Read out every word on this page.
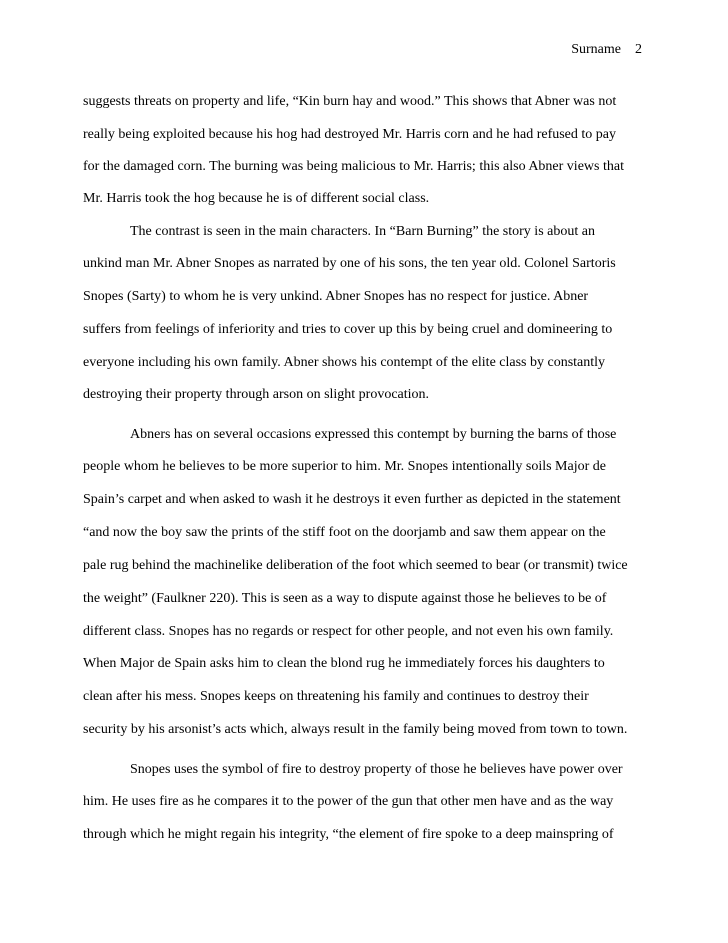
Surname 2

suggests threats on property and life, “Kin burn hay and wood.” This shows that Abner was not

really being exploited because his hog had destroyed Mr. Harris corn and he had refused to pay

for the damaged corn. The burning was being malicious to Mr. Harris; this also Abner views that

Mr. Harris took the hog because he is of different social class.

The contrast is seen in the main characters. In “Barn Burning” the story is about an

unkind man Mr. Abner Snopes as narrated by one of his sons, the ten year old. Colonel Sartoris

Snopes (Sarty) to whom he is very unkind. Abner Snopes has no respect for justice. Abner

suffers from feelings of inferiority and tries to cover up this by being cruel and domineering to

everyone including his own family. Abner shows his contempt of the elite class by constantly

destroying their property through arson on slight provocation.

Abners has on several occasions expressed this contempt by burning the barns of those

people whom he believes to be more superior to him. Mr. Snopes intentionally soils Major de

Spain’s carpet and when asked to wash it he destroys it even further as depicted in the statement

“and now the boy saw the prints of the stiff foot on the doorjamb and saw them appear on the

pale rug behind the machinelike deliberation of the foot which seemed to bear (or transmit) twice

the weight” (Faulkner 220). This is seen as a way to dispute against those he believes to be of

different class. Snopes has no regards or respect for other people, and not even his own family.

When Major de Spain asks him to clean the blond rug he immediately forces his daughters to

clean after his mess. Snopes keeps on threatening his family and continues to destroy their

security by his arsonist’s acts which, always result in the family being moved from town to town.

Snopes uses the symbol of fire to destroy property of those he believes have power over

him. He uses fire as he compares it to the power of the gun that other men have and as the way

through which he might regain his integrity, “the element of fire spoke to a deep mainspring of
